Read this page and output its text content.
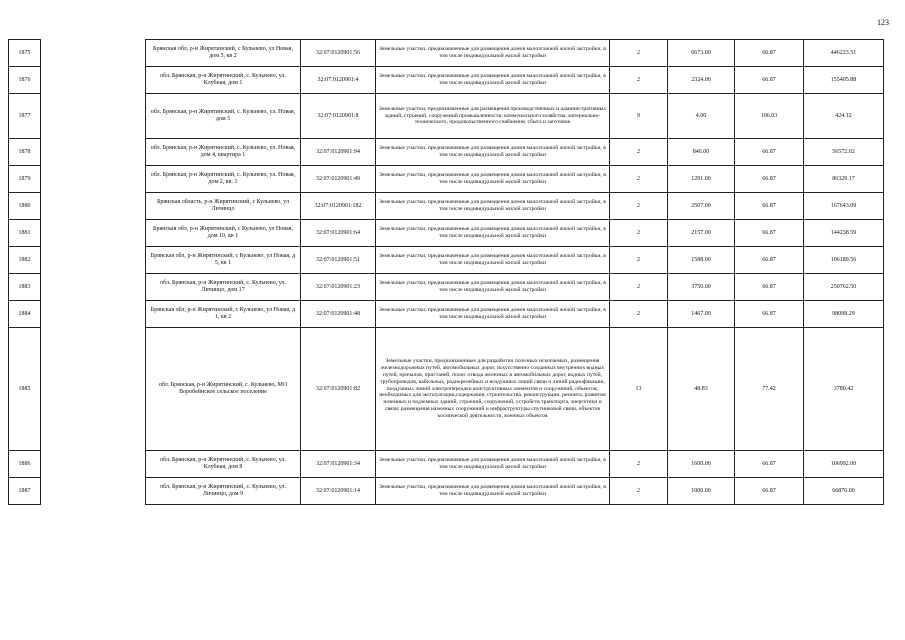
123
1875		Брянская обл, р-н Жирятинский, с Кульнево, ул Новая, дом 5, кв 2	32:07:0120901:56	Земельные участки, предназначенные для размещения домов малоэтажной жилой застройки, в том числе индивидуальной жилой застройки	2	6673.00	66.87	446223.51
1876		обл. Брянская, р-н Жирятинский, с. Кульнево, ул. Клубная, дом 1	32:07:0120901:4	Земельные участки, предназначенные для размещения домов малоэтажной жилой застройки, в том числе индивидуальной жилой застройки	2	2324.00	66.87	155405.88
1877		обл. Брянская, р-н Жирятинский, с. Кульнево, ул. Новая, дом 5	32:07:0120901:8	Земельные участки, предназначенные для размещения производственных и административных зданий, строений, сооружений промышленности, коммунального хозяйства, материально-технического, продовольственного снабжения, сбыта и заготовок	9	4.00	106.03	424.12
1878		обл. Брянская, р-н Жирятинский, с. Кульнево, ул. Новая, дом 4, квартира 1	32:07:0120901:94	Земельные участки, предназначенные для размещения домов малоэтажной жилой застройки, в том числе индивидуальной жилой застройки	2	846.00	66.87	56572.02
1879		обл. Брянская, р-н Жирятинский, с. Кульнево, ул. Новая, дом 2, кв. 1	32:07:0120901:49	Земельные участки, предназначенные для размещения домов малоэтажной жилой застройки, в том числе индивидуальной жилой застройки	2	1291.00	66.87	86329.17
1880		Брянская область, р-н Жирятинский, с Кульнево, ул Личинцо	32:07:0120901:182	Земельные участки, предназначенные для размещения домов малоэтажной жилой застройки, в том числе индивидуальной жилой застройки	2	2507.00	66.87	167643.09
1881		Брянская обл, р-н Жирятинский, с Кульнево, ул Новая, дом 10, кв 1	32:07:0120901:64	Земельные участки, предназначенные для размещения домов малоэтажной жилой застройки, в том числе индивидуальной жилой застройки	2	2157.00	66.87	144238.59
1882		Брянская обл, р-н Жирятинский, с Кульнево, ул Новая, д 5, кв 1	32:07:0120901:51	Земельные участки, предназначенные для размещения домов малоэтажной жилой застройки, в том числе индивидуальной жилой застройки	2	1588.00	66.87	106189.56
1883		обл. Брянская, р-н Жирятинский, с. Кульнево, ул. Личинцо, дом 17	32:07:0120901:23	Земельные участки, предназначенные для размещения домов малоэтажной жилой застройки, в том числе индивидуальной жилой застройки	2	3750.00	66.87	250762.50
1884		Брянская обл, р-н Жирятинский, с Кульнево, ул Новая, д 1, кв 2	32:07:0120901:48	Земельные участки, предназначенные для размещения домов малоэтажной жилой застройки, в том числе индивидуальной жилой застройки	2	1467.00	66.87	98098.29
1885		обл. Брянская, р-н Жирятинский, с. Кульнево, МО Воробейнское сельское поселение	32:07:0120901:82	Земельные участки, предназначенные для разработки полезных ископаемых, размещения железнодорожных путей, автомобильных дорог, искусственно созданных внутренних водных путей, причалов, пристаней, полос отвода железных и автомобильных дорог, водных путей, трубопроводов, кабельных, радиорелейных и воздушных линий связи и линий радиофикации, воздушных линий электропередачи конструктивных элементов и сооружений, объектов, необходимых для эксплуатации,содержания, строительства, реконструкции, ремонта, развития наземных и подземных зданий, строений, сооружений, устройств транспорта, энергетики и связи; размещения наземных сооружений и инфраструктуры спутниковой связи, объектов космической деятельности, военных объектов	13	48.83	77.42	3780.42
1886		обл. Брянская, р-н Жирятинский, с. Кульнево, ул. Клубная, дом 8	32:07:0120901:34	Земельные участки, предназначенные для размещения домов малоэтажной жилой застройки, в том числе индивидуальной жилой застройки	2	1600.00	66.87	106992.00
1887		обл. Брянская, р-н Жирятинский, с. Кульнево, ул. Личинцо, дом 9	32:07:0120901:14	Земельные участки, предназначенные для размещения домов малоэтажной жилой застройки, в том числе индивидуальной жилой застройки	2	1000.00	66.87	66870.00
